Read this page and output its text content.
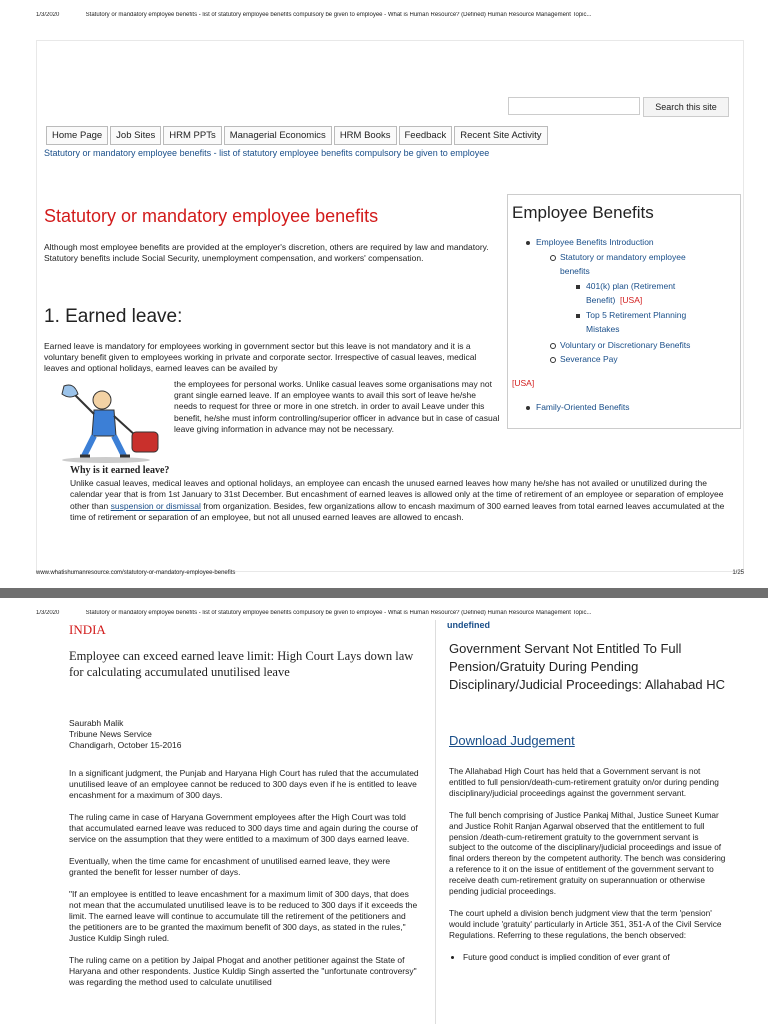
1/3/2020	Statutory or mandatory employee benefits - list of statutory employee benefits compulsory be given to employee - What is Human Resource? (Defined) Human Resource Management Topic...
Search this site
Home Page	Job Sites	HRM PPTs	Managerial Economics	HRM Books	Feedback	Recent Site Activity
Statutory or mandatory employee benefits - list of statutory employee benefits compulsory be given to employee
Statutory or mandatory employee benefits
Although most employee benefits are provided at the employer's discretion, others are required by law and mandatory. Statutory benefits include Social Security, unemployment compensation, and workers' compensation.
1. Earned leave:
Earned leave is mandatory for employees working in government sector but this leave is not mandatory and it is a voluntary benefit given to employees working in private and corporate sector. Irrespective of casual leaves, medical leaves and optional holidays, earned leaves can be availed by
the employees for personal works. Unlike casual leaves some organisations may not grant single earned leave. If an employee wants to avail this sort of leave he/she needs to request for three or more in one stretch. in order to avail Leave under this benefit, he/she must inform controlling/superior officer in advance but in case of casual leave giving information in advance may not be necessary.
Why is it earned leave?
Unlike casual leaves, medical leaves and optional holidays, an employee can encash the unused earned leaves how many he/she has not availed or unutilized during the calendar year that is from 1st January to 31st December. But encashment of earned leaves is allowed only at the time of retirement of an employee or separation of employee other than suspension or dismissal from organization. Besides, few organizations allow to encash maximum of 300 earned leaves from total earned leaves accumulated at the time of retirement or separation of an employee, but not all unused earned leaves are allowed to encash.
Employee Benefits
Employee Benefits Introduction
Statutory or mandatory employee
benefits
401(k) plan (Retirement
Benefit) [USA]
Top 5 Retirement Planning
Mistakes
Voluntary or Discretionary Benefits
Severance Pay
[USA]
Family-Oriented Benefits
www.whatishumanresource.com/statutory-or-mandatory-employee-benefits	1/25
1/3/2020	Statutory or mandatory employee benefits - list of statutory employee benefits compulsory be given to employee - What is Human Resource? (Defined) Human Resource Management Topic...
INDIA
Employee can exceed earned leave limit: High Court Lays down law for calculating accumulated unutilised leave
Saurabh Malik
Tribune News Service
Chandigarh, October 15-2016

In a significant judgment, the Punjab and Haryana High Court has ruled that the accumulated unutilised leave of an employee cannot be reduced to 300 days even if he is entitled to leave encashment for a maximum of 300 days.

The ruling came in case of Haryana Government employees after the High Court was told that accumulated earned leave was reduced to 300 days time and again during the course of service on the assumption that they were entitled to a maximum of 300 days earned leave.

Eventually, when the time came for encashment of unutilised earned leave, they were granted the benefit for lesser number of days.

"If an employee is entitled to leave encashment for a maximum limit of 300 days, that does not mean that the accumulated unutilised leave is to be reduced to 300 days if it exceeds the limit. The earned leave will continue to accumulate till the retirement of the petitioners and the petitioners are to be granted the maximum benefit of 300 days, as stated in the rules," Justice Kuldip Singh ruled.

The ruling came on a petition by Jaipal Phogat and another petitioner against the State of Haryana and other respondents. Justice Kuldip Singh asserted the "unfortunate controversy" was regarding the method used to calculate unutilised

undefined
Government Servant Not Entitled To Full Pension/Gratuity During Pending Disciplinary/Judicial Proceedings: Allahabad HC
Download Judgement

The Allahabad High Court has held that a Government servant is not entitled to full pension/death-cum-retirement gratuity on/or during pending disciplinary/judicial proceedings against the government servant.

The full bench comprising of Justice Pankaj Mithal, Justice Suneet Kumar and Justice Rohit Ranjan Agarwal observed that the entitlement to full pension /death-cum-retirement gratuity to the government servant is subject to the outcome of the disciplinary/judicial proceedings and issue of final orders thereon by the competent authority. The bench was considering a reference to it on the issue of entitlement of the government servant to receive death cum-retirement gratuity on superannuation or otherwise pending judicial proceedings.

The court upheld a division bench judgment view that the term 'pension' would include 'gratuity' particularly in Article 351, 351-A of the Civil Service Regulations. Referring to these regulations, the bench observed:

• Future good conduct is implied condition of ever grant of
